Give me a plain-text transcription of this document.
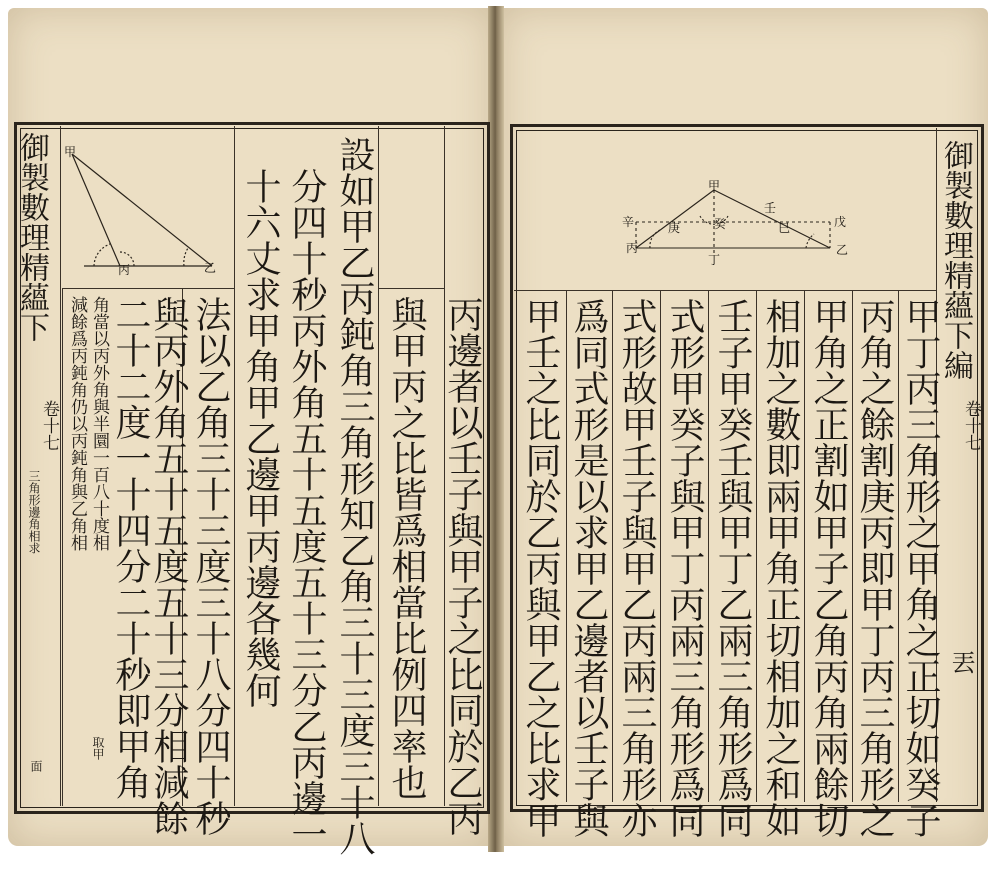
御製數理精蘊下
卷十七
三角形邊角相求
面
甲
丙	乙
減餘爲丙鈍角仍以丙鈍角與乙角相 角當以丙外角與半圜一百八十度相
取甲 二十二度一十四分二十秒即甲角
與丙外角五十五度五十三分相減餘 法以乙角三十三度三十八分四十秒 十六丈求甲角甲乙邊甲丙邊各幾何 分四十秒丙外角五十五度五十三分乙丙邊一 設如甲乙丙鈍角三角形知乙角三十三度三十八 與甲丙之比皆爲相當比例四率也 丙邊者以壬子與甲子之比同於乙丙
御製數理精蘊下編
卷十七
丟
甲
壬
戊
辛
丙
庚	癸	巳
丁
乙
甲壬之比同於乙丙與甲乙之比求甲 爲同式形是以求甲乙邊者以壬子與 式形故甲壬子與甲乙丙兩三角形亦 式形甲癸子與甲丁丙兩三角形爲同 壬子甲癸壬與甲丁乙兩三角形爲同 相加之數即兩甲角正切相加之和如 甲角之正割如甲子乙角丙角兩餘切 丙角之餘割庚丙即甲丁丙三角形之 甲丁丙三角形之甲角之正切如癸子
